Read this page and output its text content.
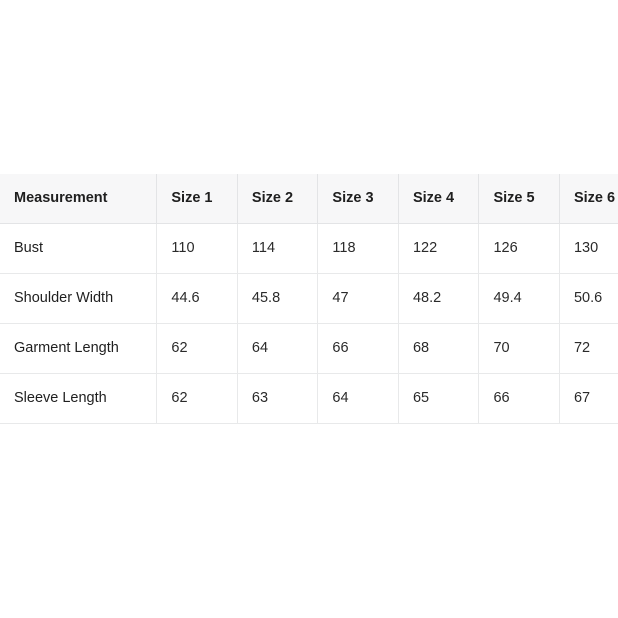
Measurement	Size 1	Size 2	Size 3	Size 4	Size 5	Size 6
Bust	110	114	118	122	126	130
Shoulder Width	44.6	45.8	47	48.2	49.4	50.6
Garment Length	62	64	66	68	70	72
Sleeve Length	62	63	64	65	66	67
